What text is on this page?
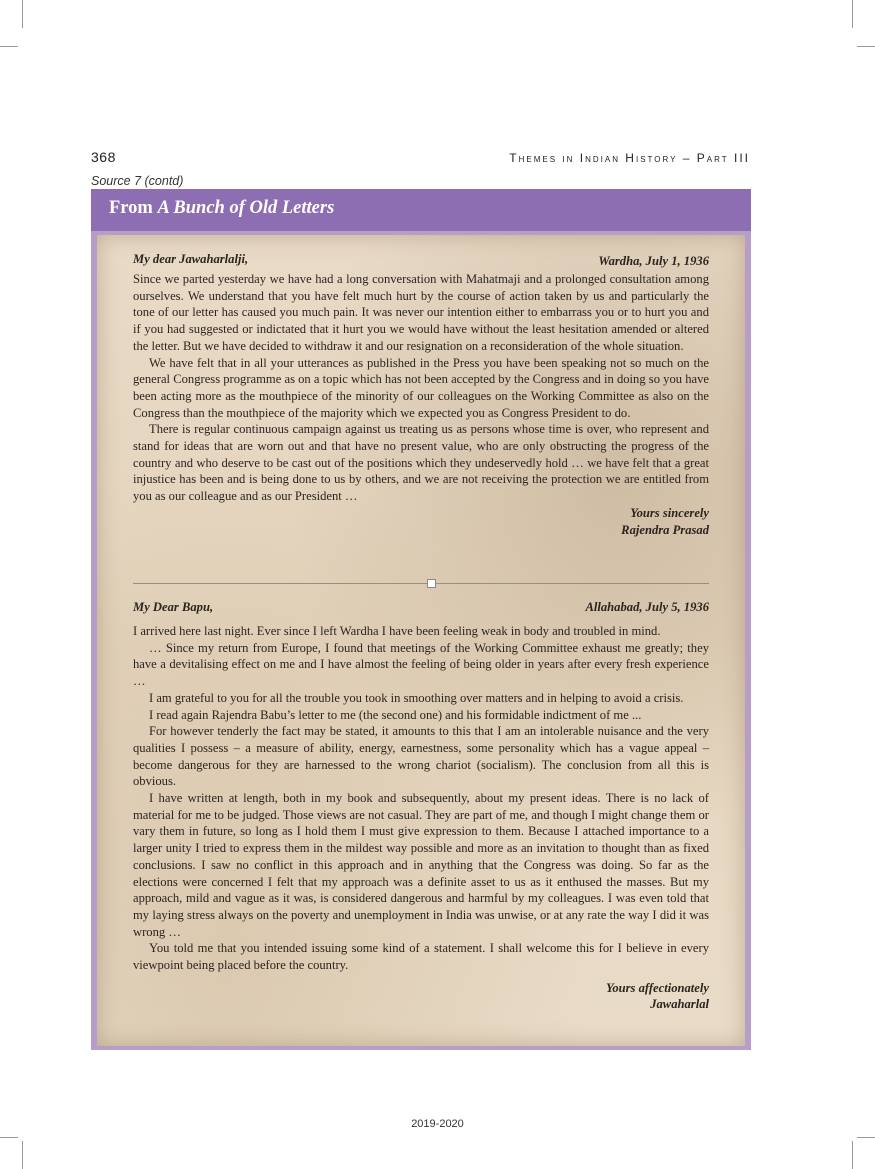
368	Themes in Indian History – Part III
Source 7 (contd)
From A Bunch of Old Letters
My dear Jawaharlalji,	Wardha, July 1, 1936

Since we parted yesterday we have had a long conversation with Mahatmaji and a prolonged consultation among ourselves. We understand that you have felt much hurt by the course of action taken by us and particularly the tone of our letter has caused you much pain. It was never our intention either to embarrass you or to hurt you and if you had suggested or indictated that it hurt you we would have without the least hesitation amended or altered the letter. But we have decided to withdraw it and our resignation on a reconsideration of the whole situation.

We have felt that in all your utterances as published in the Press you have been speaking not so much on the general Congress programme as on a topic which has not been accepted by the Congress and in doing so you have been acting more as the mouthpiece of the minority of our colleagues on the Working Committee as also on the Congress than the mouthpiece of the majority which we expected you as Congress President to do.

There is regular continuous campaign against us treating us as persons whose time is over, who represent and stand for ideas that are worn out and that have no present value, who are only obstructing the progress of the country and who deserve to be cast out of the positions which they undeservedly hold … we have felt that a great injustice has been and is being done to us by others, and we are not receiving the protection we are entitled from you as our colleague and as our President …

Yours sincerely
Rajendra Prasad
My Dear Bapu,	Allahabad, July 5, 1936

I arrived here last night. Ever since I left Wardha I have been feeling weak in body and troubled in mind.

… Since my return from Europe, I found that meetings of the Working Committee exhaust me greatly; they have a devitalising effect on me and I have almost the feeling of being older in years after every fresh experience …

I am grateful to you for all the trouble you took in smoothing over matters and in helping to avoid a crisis.

I read again Rajendra Babu’s letter to me (the second one) and his formidable indictment of me ...

For however tenderly the fact may be stated, it amounts to this that I am an intolerable nuisance and the very qualities I possess – a measure of ability, energy, earnestness, some personality which has a vague appeal – become dangerous for they are harnessed to the wrong chariot (socialism). The conclusion from all this is obvious.

I have written at length, both in my book and subsequently, about my present ideas. There is no lack of material for me to be judged. Those views are not casual. They are part of me, and though I might change them or vary them in future, so long as I hold them I must give expression to them. Because I attached importance to a larger unity I tried to express them in the mildest way possible and more as an invitation to thought than as fixed conclusions. I saw no conflict in this approach and in anything that the Congress was doing. So far as the elections were concerned I felt that my approach was a definite asset to us as it enthused the masses. But my approach, mild and vague as it was, is considered dangerous and harmful by my colleagues. I was even told that my laying stress always on the poverty and unemployment in India was unwise, or at any rate the way I did it was wrong …

You told me that you intended issuing some kind of a statement. I shall welcome this for I believe in every viewpoint being placed before the country.

Yours affectionately
Jawaharlal
2019-2020
